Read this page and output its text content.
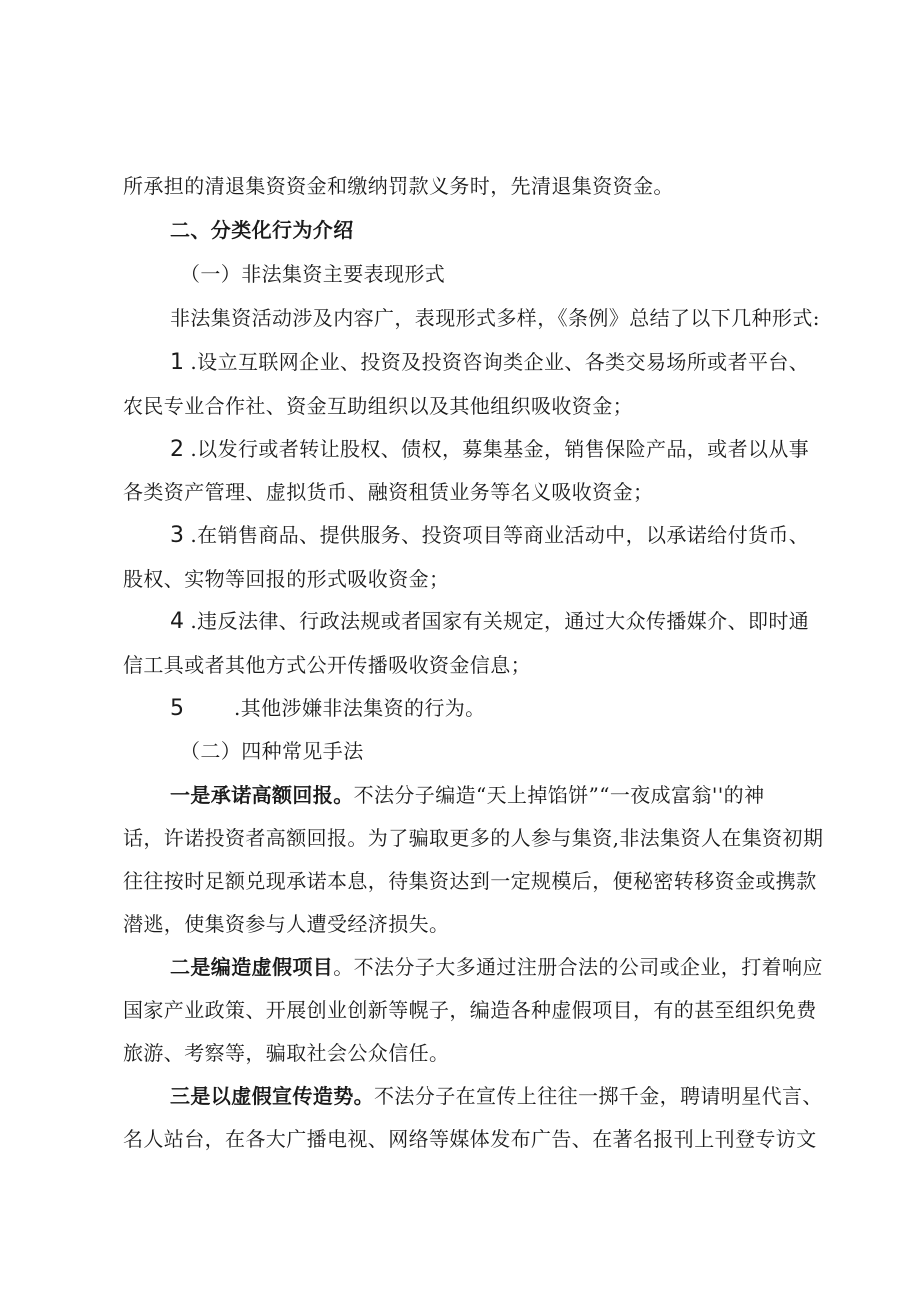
所承担的清退集资资金和缴纳罚款义务时，先清退集资资金。
二、分类化行为介绍
（一）非法集资主要表现形式
非法集资活动涉及内容广，表现形式多样，《条例》总结了以下几种形式:
1 .设立互联网企业、投资及投资咨询类企业、各类交易场所或者平台、
农民专业合作社、资金互助组织以及其他组织吸收资金；
2 .以发行或者转让股权、债权，募集基金，销售保险产品，或者以从事
各类资产管理、虚拟货币、融资租赁业务等名义吸收资金；
3 .在销售商品、提供服务、投资项目等商业活动中，以承诺给付货币、
股权、实物等回报的形式吸收资金；
4 .违反法律、行政法规或者国家有关规定，通过大众传播媒介、即时通
信工具或者其他方式公开传播吸收资金信息；
5 .其他涉嫌非法集资的行为。
（二）四种常见手法
一是承诺高额回报。不法分子编造“天上掉馅饼”“一夜成富翁''的神
话，许诺投资者高额回报。为了骗取更多的人参与集资,非法集资人在集资初期
往往按时足额兑现承诺本息，待集资达到一定规模后，便秘密转移资金或携款
潜逃，使集资参与人遭受经济损失。
二是编造虚假项目。不法分子大多通过注册合法的公司或企业，打着响应
国家产业政策、开展创业创新等幌子，编造各种虚假项目，有的甚至组织免费
旅游、考察等，骗取社会公众信任。
三是以虚假宣传造势。不法分子在宣传上往往一掷千金，聘请明星代言、
名人站台，在各大广播电视、网络等媒体发布广告、在著名报刊上刊登专访文
